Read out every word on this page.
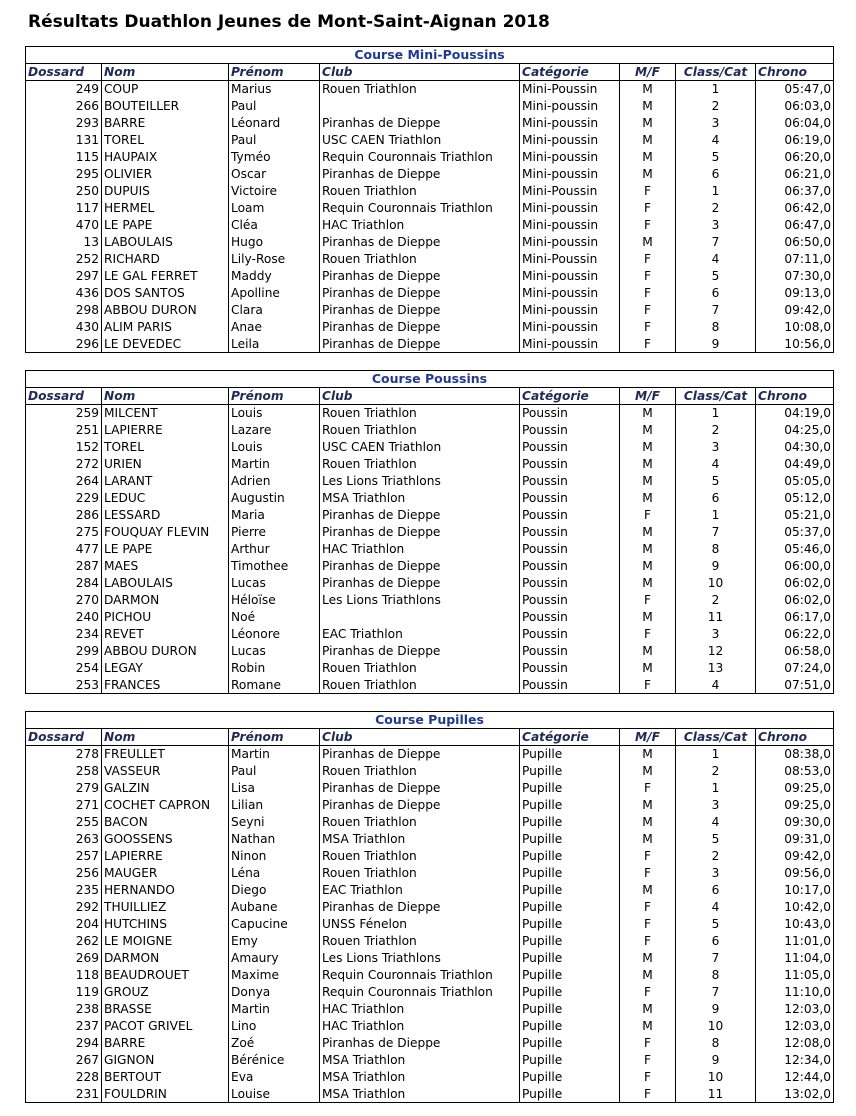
Résultats Duathlon Jeunes de Mont-Saint-Aignan 2018
Course Mini-Poussins							
Dossard	Nom	Prénom	Club	Catégorie	M/F	Class/Cat	Chrono
249	COUP	Marius	Rouen Triathlon	Mini-Poussin	M	1	05:47,0
266	BOUTEILLER	Paul		Mini-poussin	M	2	06:03,0
293	BARRE	Léonard	Piranhas de Dieppe	Mini-poussin	M	3	06:04,0
131	TOREL	Paul	USC CAEN Triathlon	Mini-poussin	M	4	06:19,0
115	HAUPAIX	Tyméo	Requin Couronnais Triathlon	Mini-poussin	M	5	06:20,0
295	OLIVIER	Oscar	Piranhas de Dieppe	Mini-poussin	M	6	06:21,0
250	DUPUIS	Victoire	Rouen Triathlon	Mini-Poussin	F	1	06:37,0
117	HERMEL	Loam	Requin Couronnais Triathlon	Mini-poussin	F	2	06:42,0
470	LE PAPE	Cléa	HAC Triathlon	Mini-poussin	F	3	06:47,0
13	LABOULAIS	Hugo	Piranhas de Dieppe	Mini-poussin	M	7	06:50,0
252	RICHARD	Lily-Rose	Rouen Triathlon	Mini-Poussin	F	4	07:11,0
297	LE GAL FERRET	Maddy	Piranhas de Dieppe	Mini-poussin	F	5	07:30,0
436	DOS SANTOS	Apolline	Piranhas de Dieppe	Mini-poussin	F	6	09:13,0
298	ABBOU DURON	Clara	Piranhas de Dieppe	Mini-poussin	F	7	09:42,0
430	ALIM PARIS	Anae	Piranhas de Dieppe	Mini-poussin	F	8	10:08,0
296	LE DEVEDEC	Leila	Piranhas de Dieppe	Mini-poussin	F	9	10:56,0
Course Poussins							
Dossard	Nom	Prénom	Club	Catégorie	M/F	Class/Cat	Chrono
259	MILCENT	Louis	Rouen Triathlon	Poussin	M	1	04:19,0
251	LAPIERRE	Lazare	Rouen Triathlon	Poussin	M	2	04:25,0
152	TOREL	Louis	USC CAEN Triathlon	Poussin	M	3	04:30,0
272	URIEN	Martin	Rouen Triathlon	Poussin	M	4	04:49,0
264	LARANT	Adrien	Les Lions Triathlons	Poussin	M	5	05:05,0
229	LEDUC	Augustin	MSA Triathlon	Poussin	M	6	05:12,0
286	LESSARD	Maria	Piranhas de Dieppe	Poussin	F	1	05:21,0
275	FOUQUAY FLEVIN	Pierre	Piranhas de Dieppe	Poussin	M	7	05:37,0
477	LE PAPE	Arthur	HAC Triathlon	Poussin	M	8	05:46,0
287	MAES	Timothee	Piranhas de Dieppe	Poussin	M	9	06:00,0
284	LABOULAIS	Lucas	Piranhas de Dieppe	Poussin	M	10	06:02,0
270	DARMON	Héloïse	Les Lions Triathlons	Poussin	F	2	06:02,0
240	PICHOU	Noé		Poussin	M	11	06:17,0
234	REVET	Léonore	EAC Triathlon	Poussin	F	3	06:22,0
299	ABBOU DURON	Lucas	Piranhas de Dieppe	Poussin	M	12	06:58,0
254	LEGAY	Robin	Rouen Triathlon	Poussin	M	13	07:24,0
253	FRANCES	Romane	Rouen Triathlon	Poussin	F	4	07:51,0
Course Pupilles							
Dossard	Nom	Prénom	Club	Catégorie	M/F	Class/Cat	Chrono
278	FREULLET	Martin	Piranhas de Dieppe	Pupille	M	1	08:38,0
258	VASSEUR	Paul	Rouen Triathlon	Pupille	M	2	08:53,0
279	GALZIN	Lisa	Piranhas de Dieppe	Pupille	F	1	09:25,0
271	COCHET CAPRON	Lilian	Piranhas de Dieppe	Pupille	M	3	09:25,0
255	BACON	Seyni	Rouen Triathlon	Pupille	M	4	09:30,0
263	GOOSSENS	Nathan	MSA Triathlon	Pupille	M	5	09:31,0
257	LAPIERRE	Ninon	Rouen Triathlon	Pupille	F	2	09:42,0
256	MAUGER	Léna	Rouen Triathlon	Pupille	F	3	09:56,0
235	HERNANDO	Diego	EAC Triathlon	Pupille	M	6	10:17,0
292	THUILLIEZ	Aubane	Piranhas de Dieppe	Pupille	F	4	10:42,0
204	HUTCHINS	Capucine	UNSS Fénelon	Pupille	F	5	10:43,0
262	LE MOIGNE	Emy	Rouen Triathlon	Pupille	F	6	11:01,0
269	DARMON	Amaury	Les Lions Triathlons	Pupille	M	7	11:04,0
118	BEAUDROUET	Maxime	Requin Couronnais Triathlon	Pupille	M	8	11:05,0
119	GROUZ	Donya	Requin Couronnais Triathlon	Pupille	F	7	11:10,0
238	BRASSE	Martin	HAC Triathlon	Pupille	M	9	12:03,0
237	PACOT GRIVEL	Lino	HAC Triathlon	Pupille	M	10	12:03,0
294	BARRE	Zoé	Piranhas de Dieppe	Pupille	F	8	12:08,0
267	GIGNON	Bérénice	MSA Triathlon	Pupille	F	9	12:34,0
228	BERTOUT	Eva	MSA Triathlon	Pupille	F	10	12:44,0
231	FOULDRIN	Louise	MSA Triathlon	Pupille	F	11	13:02,0
